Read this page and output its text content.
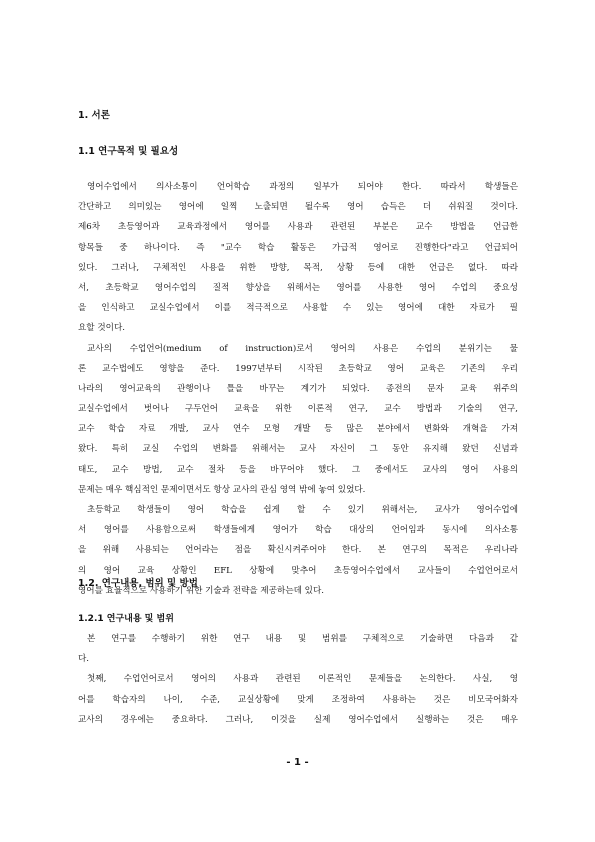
1. 서론
1.1 연구목적 및 필요성
영어수업에서 의사소통이 언어학습 과정의 일부가 되어야 한다. 따라서 학생들은
간단하고 의미있는 영어에 일찍 노출되면 될수록 영어 습득은 더 쉬워질 것이다.
제6차 초등영어과 교육과정에서 영어를 사용과 관련된 부분은 교수 방법을 언급한
항목들 중 하나이다. 즉 "교수 학습 활동은 가급적 영어로 진행한다"라고 언급되어
있다. 그러나, 구체적인 사용을 위한 방향, 목적, 상황 등에 대한 언급은 없다. 따라
서, 초등학교 영어수업의 질적 향상을 위해서는 영어를 사용한 영어 수업의 중요성
을 인식하고 교실수업에서 이를 적극적으로 사용할 수 있는 영어에 대한 자료가 필
요할 것이다.
교사의 수업언어(medium of instruction)로서 영어의 사용은 수업의 분위기는 물
론 교수법에도 영향을 준다. 1997년부터 시작된 초등학교 영어 교육은 기존의 우리
나라의 영어교육의 관행이나 틀을 바꾸는 계기가 되었다. 종전의 문자 교육 위주의
교실수업에서 벗어나 구두언어 교육을 위한 이론적 연구, 교수 방법과 기술의 연구,
교수 학습 자료 개발, 교사 연수 모형 개발 등 많은 분야에서 변화와 개혁을 가져
왔다. 특히 교실 수업의 변화를 위해서는 교사 자신이 그 동안 유지해 왔던 신념과
태도, 교수 방법, 교수 절차 등을 바꾸어야 했다. 그 중에서도 교사의 영어 사용의
문제는 매우 핵심적인 문제이면서도 항상 교사의 관심 영역 밖에 놓여 있었다.
초등학교 학생들이 영어 학습을 쉽게 할 수 있기 위해서는, 교사가 영어수업에
서 영어를 사용함으로써 학생들에게 영어가 학습 대상의 언어임과 동시에 의사소통
을 위해 사용되는 언어라는 점을 확신시켜주어야 한다. 본 연구의 목적은 우리나라
의 영어 교육 상황인 EFL 상황에 맞추어 초등영어수업에서 교사들이 수업언어로서
영어를 효율적으로 사용하기 위한 기술과 전략을 제공하는데 있다.
1.2. 연구내용, 범위 및 방법
1.2.1 연구내용 및 범위
본 연구를 수행하기 위한 연구 내용 및 범위를 구체적으로 기술하면 다음과 같
다.
첫째, 수업언어로서 영어의 사용과 관련된 이론적인 문제들을 논의한다. 사실, 영
어를 학습자의 나이, 수준, 교실상황에 맞게 조정하여 사용하는 것은 비모국어화자
교사의 경우에는 중요하다. 그러나, 이것을 실제 영어수업에서 실행하는 것은 매우
- 1 -
